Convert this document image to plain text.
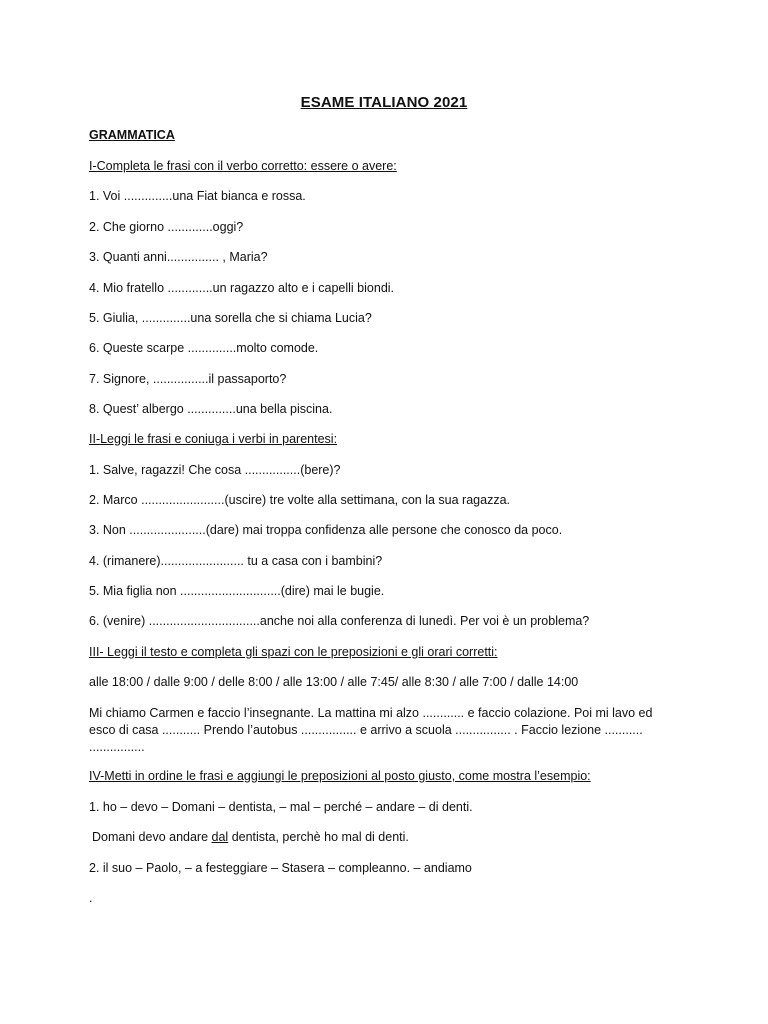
ESAME ITALIANO 2021
GRAMMATICA
I-Completa le frasi con il verbo corretto: essere o avere:
1. Voi ..............una Fiat bianca e rossa.
2. Che giorno .............oggi?
3. Quanti anni............... , Maria?
4. Mio fratello .............un ragazzo alto e i capelli biondi.
5. Giulia, ..............una sorella che si chiama Lucia?
6. Queste scarpe ..............molto comode.
7. Signore, ................il passaporto?
8. Quest’ albergo ..............una bella piscina.
II-Leggi le frasi e coniuga i verbi in parentesi:
1. Salve, ragazzi! Che cosa ................(bere)?
2. Marco ........................(uscire) tre volte alla settimana, con la sua ragazza.
3. Non ......................(dare) mai troppa confidenza alle persone che conosco da poco.
4. (rimanere)........................ tu a casa con i bambini?
5. Mia figlia non .............................(dire) mai le bugie.
6. (venire) ................................anche noi alla conferenza di lunedì. Per voi è un problema?
III- Leggi il testo e completa gli spazi con le preposizioni e gli orari corretti:
alle 18:00 / dalle 9:00 / delle 8:00 / alle 13:00 / alle 7:45/ alle 8:30 / alle 7:00 / dalle 14:00
Mi chiamo Carmen e faccio l’insegnante. La mattina mi alzo ............ e faccio colazione. Poi mi lavo ed
esco di casa ........... Prendo l’autobus ................ e arrivo a scuola ................ . Faccio lezione ...........
................
IV-Metti in ordine le frasi e aggiungi le preposizioni al posto giusto, come mostra l’esempio:
1. ho – devo – Domani – dentista, – mal – perché – andare – di denti.
Domani devo andare dal dentista, perchè ho mal di denti.
2. il suo – Paolo, – a festeggiare – Stasera – compleanno. – andiamo
.
